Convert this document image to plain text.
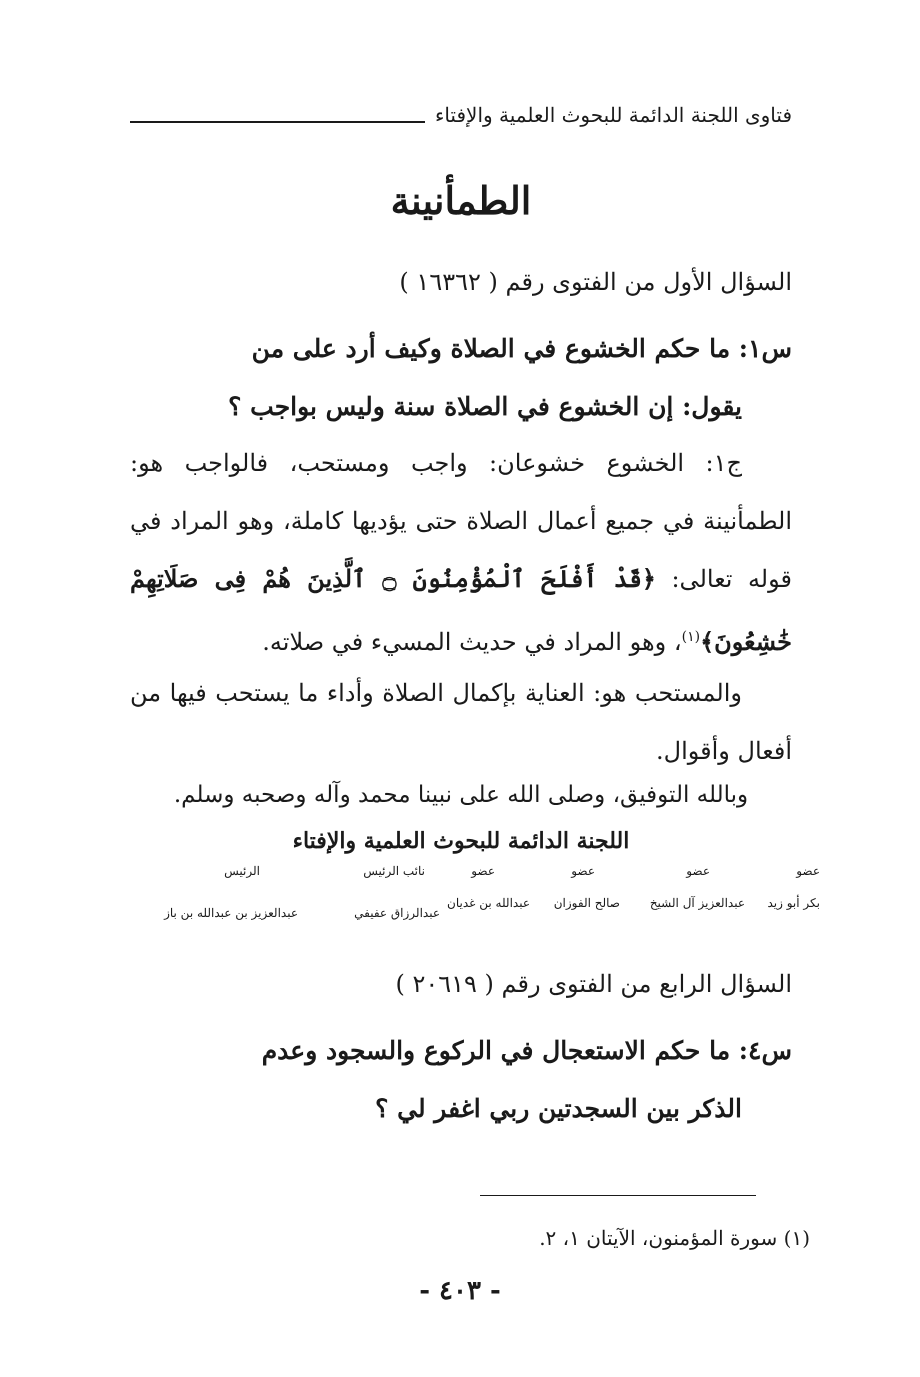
فتاوى اللجنة الدائمة للبحوث العلمية والإفتاء
الطمأنينة
السؤال الأول من الفتوى رقم ( ١٦٣٦٢ )
س١: ما حكم الخشوع في الصلاة وكيف أرد على من
يقول: إن الخشوع في الصلاة سنة وليس بواجب ؟
ج١: الخشوع خشوعان: واجب ومستحب، فالواجب هو: الطمأنينة في جميع أعمال الصلاة حتى يؤديها كاملة، وهو المراد في قوله تعالى: ﴿قَدْ أَفْلَحَ ٱلْمُؤْمِنُونَ ۝ ٱلَّذِينَ هُمْ فِى صَلَاتِهِمْ خَٰشِعُونَ﴾$^{(١)}$، وهو المراد في حديث المسيء في صلاته.
والمستحب هو: العناية بإكمال الصلاة وأداء ما يستحب فيها من أفعال وأقوال.
وبالله التوفيق، وصلى الله على نبينا محمد وآله وصحبه وسلم.
اللجنة الدائمة للبحوث العلمية والإفتاء
عضو
عضو
عضو
عضو
نائب الرئيس
الرئيس
بكر أبو زيد
عبدالعزيز آل الشيخ
صالح الفوزان
عبدالله بن غديان
عبدالرزاق عفيفي
عبدالعزيز بن عبدالله بن باز
السؤال الرابع من الفتوى رقم ( ٢٠٦١٩ )
س٤: ما حكم الاستعجال في الركوع والسجود وعدم
الذكر بين السجدتين ربي اغفر لي ؟
(١) سورة المؤمنون، الآيتان ١، ٢.
- ٤٠٣ -
